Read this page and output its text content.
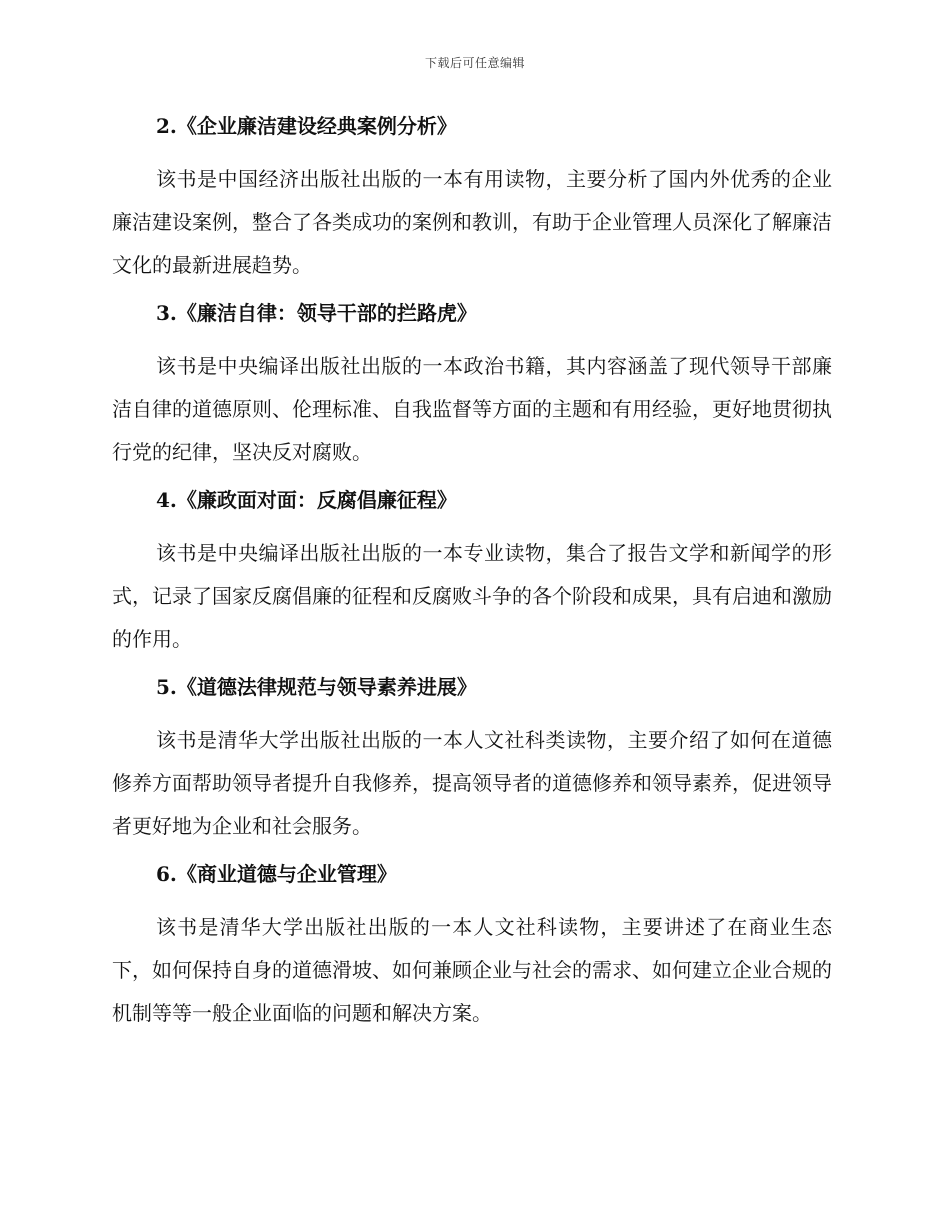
下载后可任意编辑
2.《企业廉洁建设经典案例分析》

该书是中国经济出版社出版的一本有用读物，主要分析了国内外优秀的企业廉洁建设案例，整合了各类成功的案例和教训，有助于企业管理人员深化了解廉洁文化的最新进展趋势。

3.《廉洁自律：领导干部的拦路虎》

该书是中央编译出版社出版的一本政治书籍，其内容涵盖了现代领导干部廉洁自律的道德原则、伦理标准、自我监督等方面的主题和有用经验，更好地贯彻执行党的纪律，坚决反对腐败。

4.《廉政面对面：反腐倡廉征程》

该书是中央编译出版社出版的一本专业读物，集合了报告文学和新闻学的形式，记录了国家反腐倡廉的征程和反腐败斗争的各个阶段和成果，具有启迪和激励的作用。

5.《道德法律规范与领导素养进展》

该书是清华大学出版社出版的一本人文社科类读物，主要介绍了如何在道德修养方面帮助领导者提升自我修养，提高领导者的道德修养和领导素养，促进领导者更好地为企业和社会服务。

6.《商业道德与企业管理》

该书是清华大学出版社出版的一本人文社科读物，主要讲述了在商业生态下，如何保持自身的道德滑坡、如何兼顾企业与社会的需求、如何建立企业合规的机制等等一般企业面临的问题和解决方案。
